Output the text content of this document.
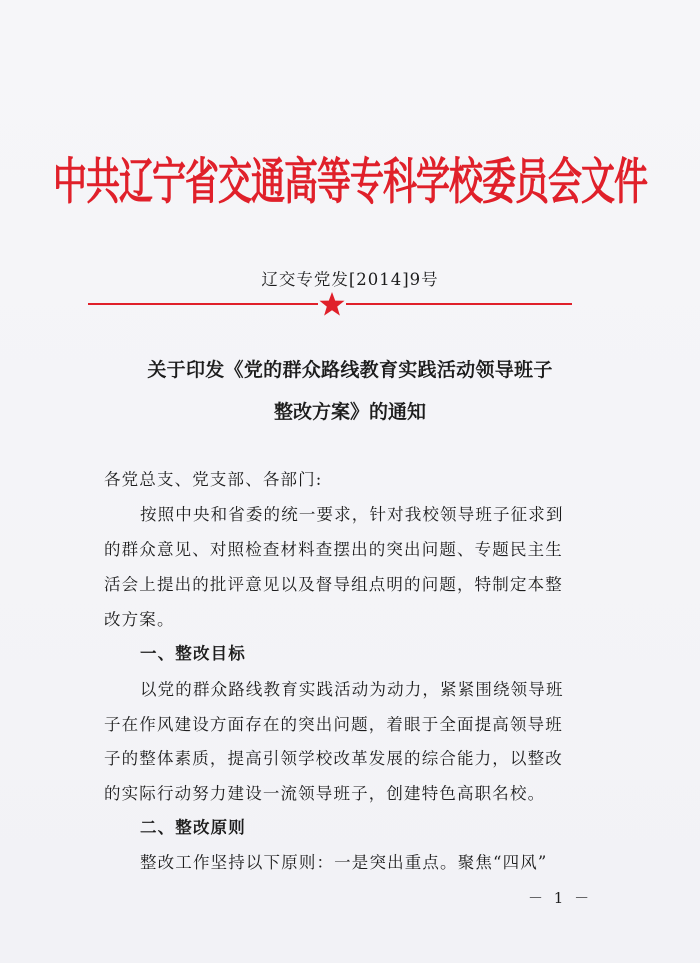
中共辽宁省交通高等专科学校委员会文件
辽交专党发[2014]9号
关于印发《党的群众路线教育实践活动领导班子
整改方案》的通知
各党总支、党支部、各部门:
按照中央和省委的统一要求，针对我校领导班子征求到
的群众意见、对照检查材料查摆出的突出问题、专题民主生
活会上提出的批评意见以及督导组点明的问题，特制定本整
改方案。
一、整改目标
以党的群众路线教育实践活动为动力，紧紧围绕领导班
子在作风建设方面存在的突出问题，着眼于全面提高领导班
子的整体素质，提高引领学校改革发展的综合能力，以整改
的实际行动努力建设一流领导班子，创建特色高职名校。
二、整改原则
整改工作坚持以下原则：一是突出重点。聚焦“四风”
－ 1 －
